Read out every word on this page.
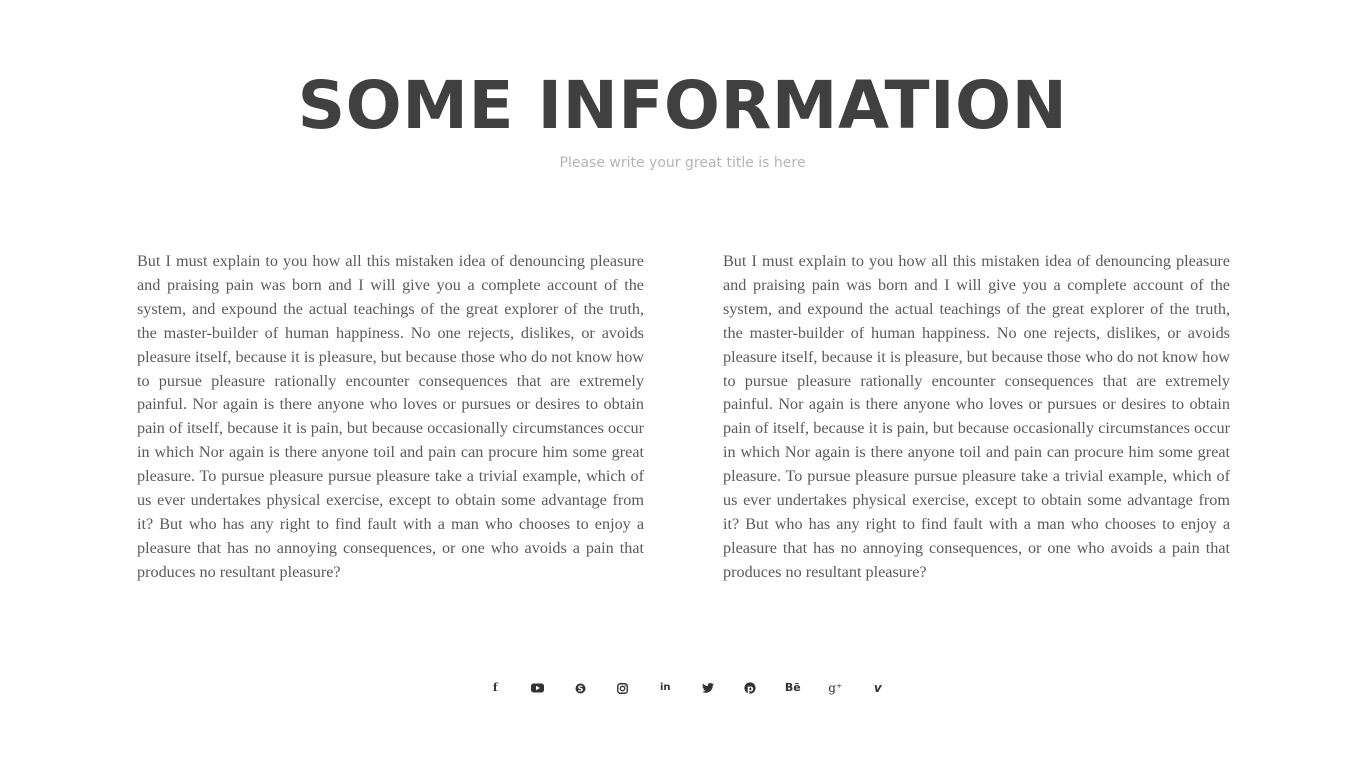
SOME INFORMATION

Please write your great title is here

But I must explain to you how all this mistaken idea of denouncing pleasure and praising pain was born and I will give you a complete account of the system, and expound the actual teachings of the great explorer of the truth, the master-builder of human happiness. No one rejects, dislikes, or avoids pleasure itself, because it is pleasure, but because those who do not know how to pursue pleasure rationally encounter consequences that are extremely painful. Nor again is there anyone who loves or pursues or desires to obtain pain of itself, because it is pain, but because occasionally circumstances occur in which Nor again is there anyone toil and pain can procure him some great pleasure. To pursue pleasure pursue pleasure take a trivial example, which of us ever undertakes physical exercise, except to obtain some advantage from it? But who has any right to find fault with a man who chooses to enjoy a pleasure that has no annoying consequences, or one who avoids a pain that produces no resultant pleasure?

But I must explain to you how all this mistaken idea of denouncing pleasure and praising pain was born and I will give you a complete account of the system, and expound the actual teachings of the great explorer of the truth, the master-builder of human happiness. No one rejects, dislikes, or avoids pleasure itself, because it is pleasure, but because those who do not know how to pursue pleasure rationally encounter consequences that are extremely painful. Nor again is there anyone who loves or pursues or desires to obtain pain of itself, because it is pain, but because occasionally circumstances occur in which Nor again is there anyone toil and pain can procure him some great pleasure. To pursue pleasure pursue pleasure take a trivial example, which of us ever undertakes physical exercise, except to obtain some advantage from it? But who has any right to find fault with a man who chooses to enjoy a pleasure that has no annoying consequences, or one who avoids a pain that produces no resultant pleasure?

f	S	in	p	Bē g⁺	v
